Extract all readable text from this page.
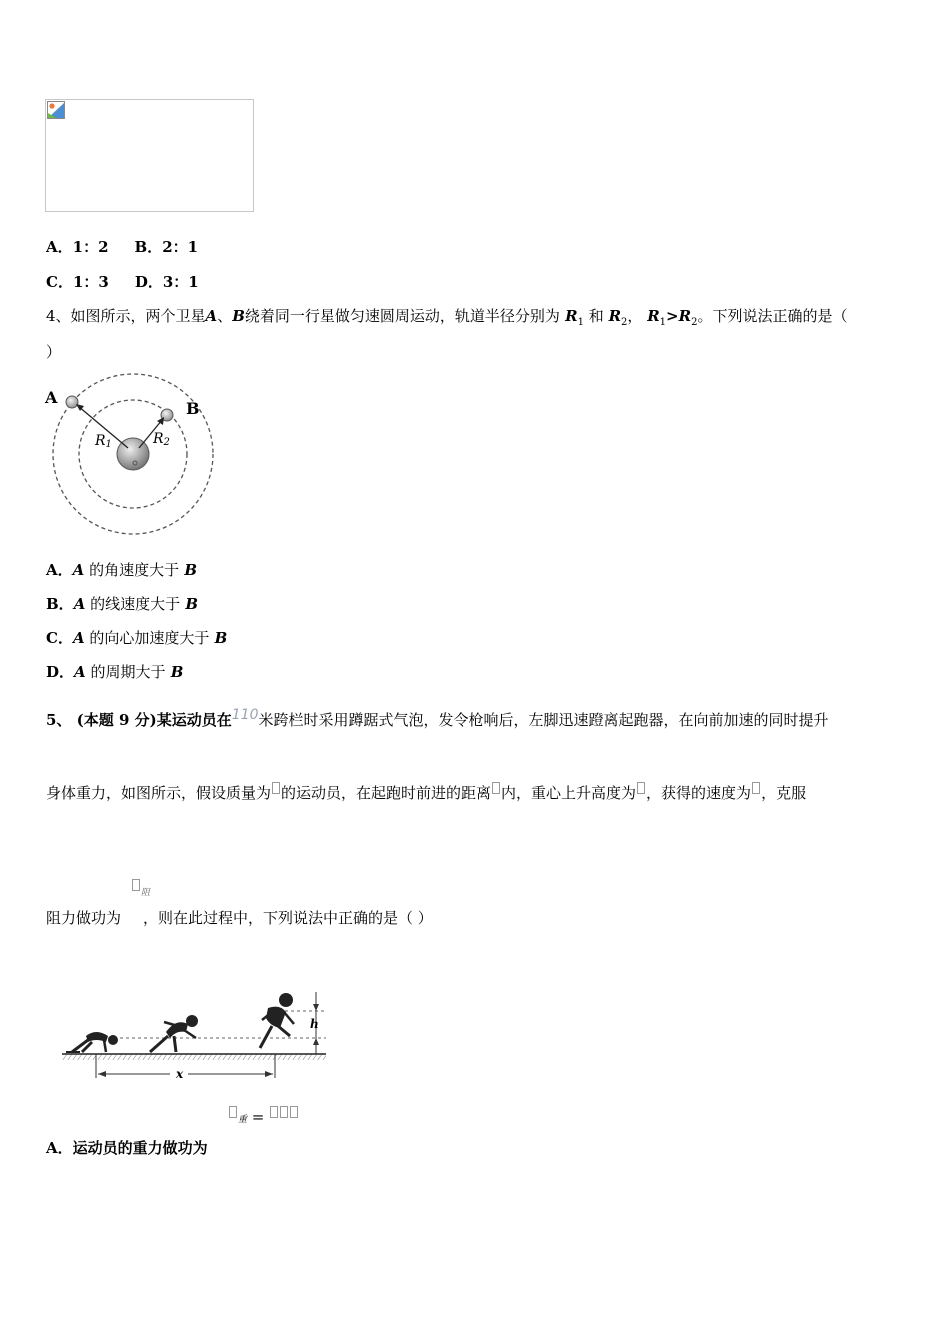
A．1：2 B．2：1
C．1：3 D．3：1
4、如图所示，两个卫星A、B绕着同一行星做匀速圆周运动，轨道半径分别为 $R_1$ 和 $R_2$， $R_1>R_2$。下列说法正确的是（
）
A
B
R1	R2
A．A 的角速度大于 B
B．A 的线速度大于 B
C．A 的向心加速度大于 B
D．A 的周期大于 B
5、 (本题 9 分)某运动员在110米跨栏时采用蹲踞式气泡，发令枪响后，左脚迅速蹬离起跑器，在向前加速的同时提升
身体重力，如图所示，假设质量为 的运动员，在起跑时前进的距离 内，重心上升高度为 ，获得的速度为 ，克服
阻
阻力做功为 ，则在此过程中，下列说法中正确的是（ ）
h
x
重 =
A．运动员的重力做功为
